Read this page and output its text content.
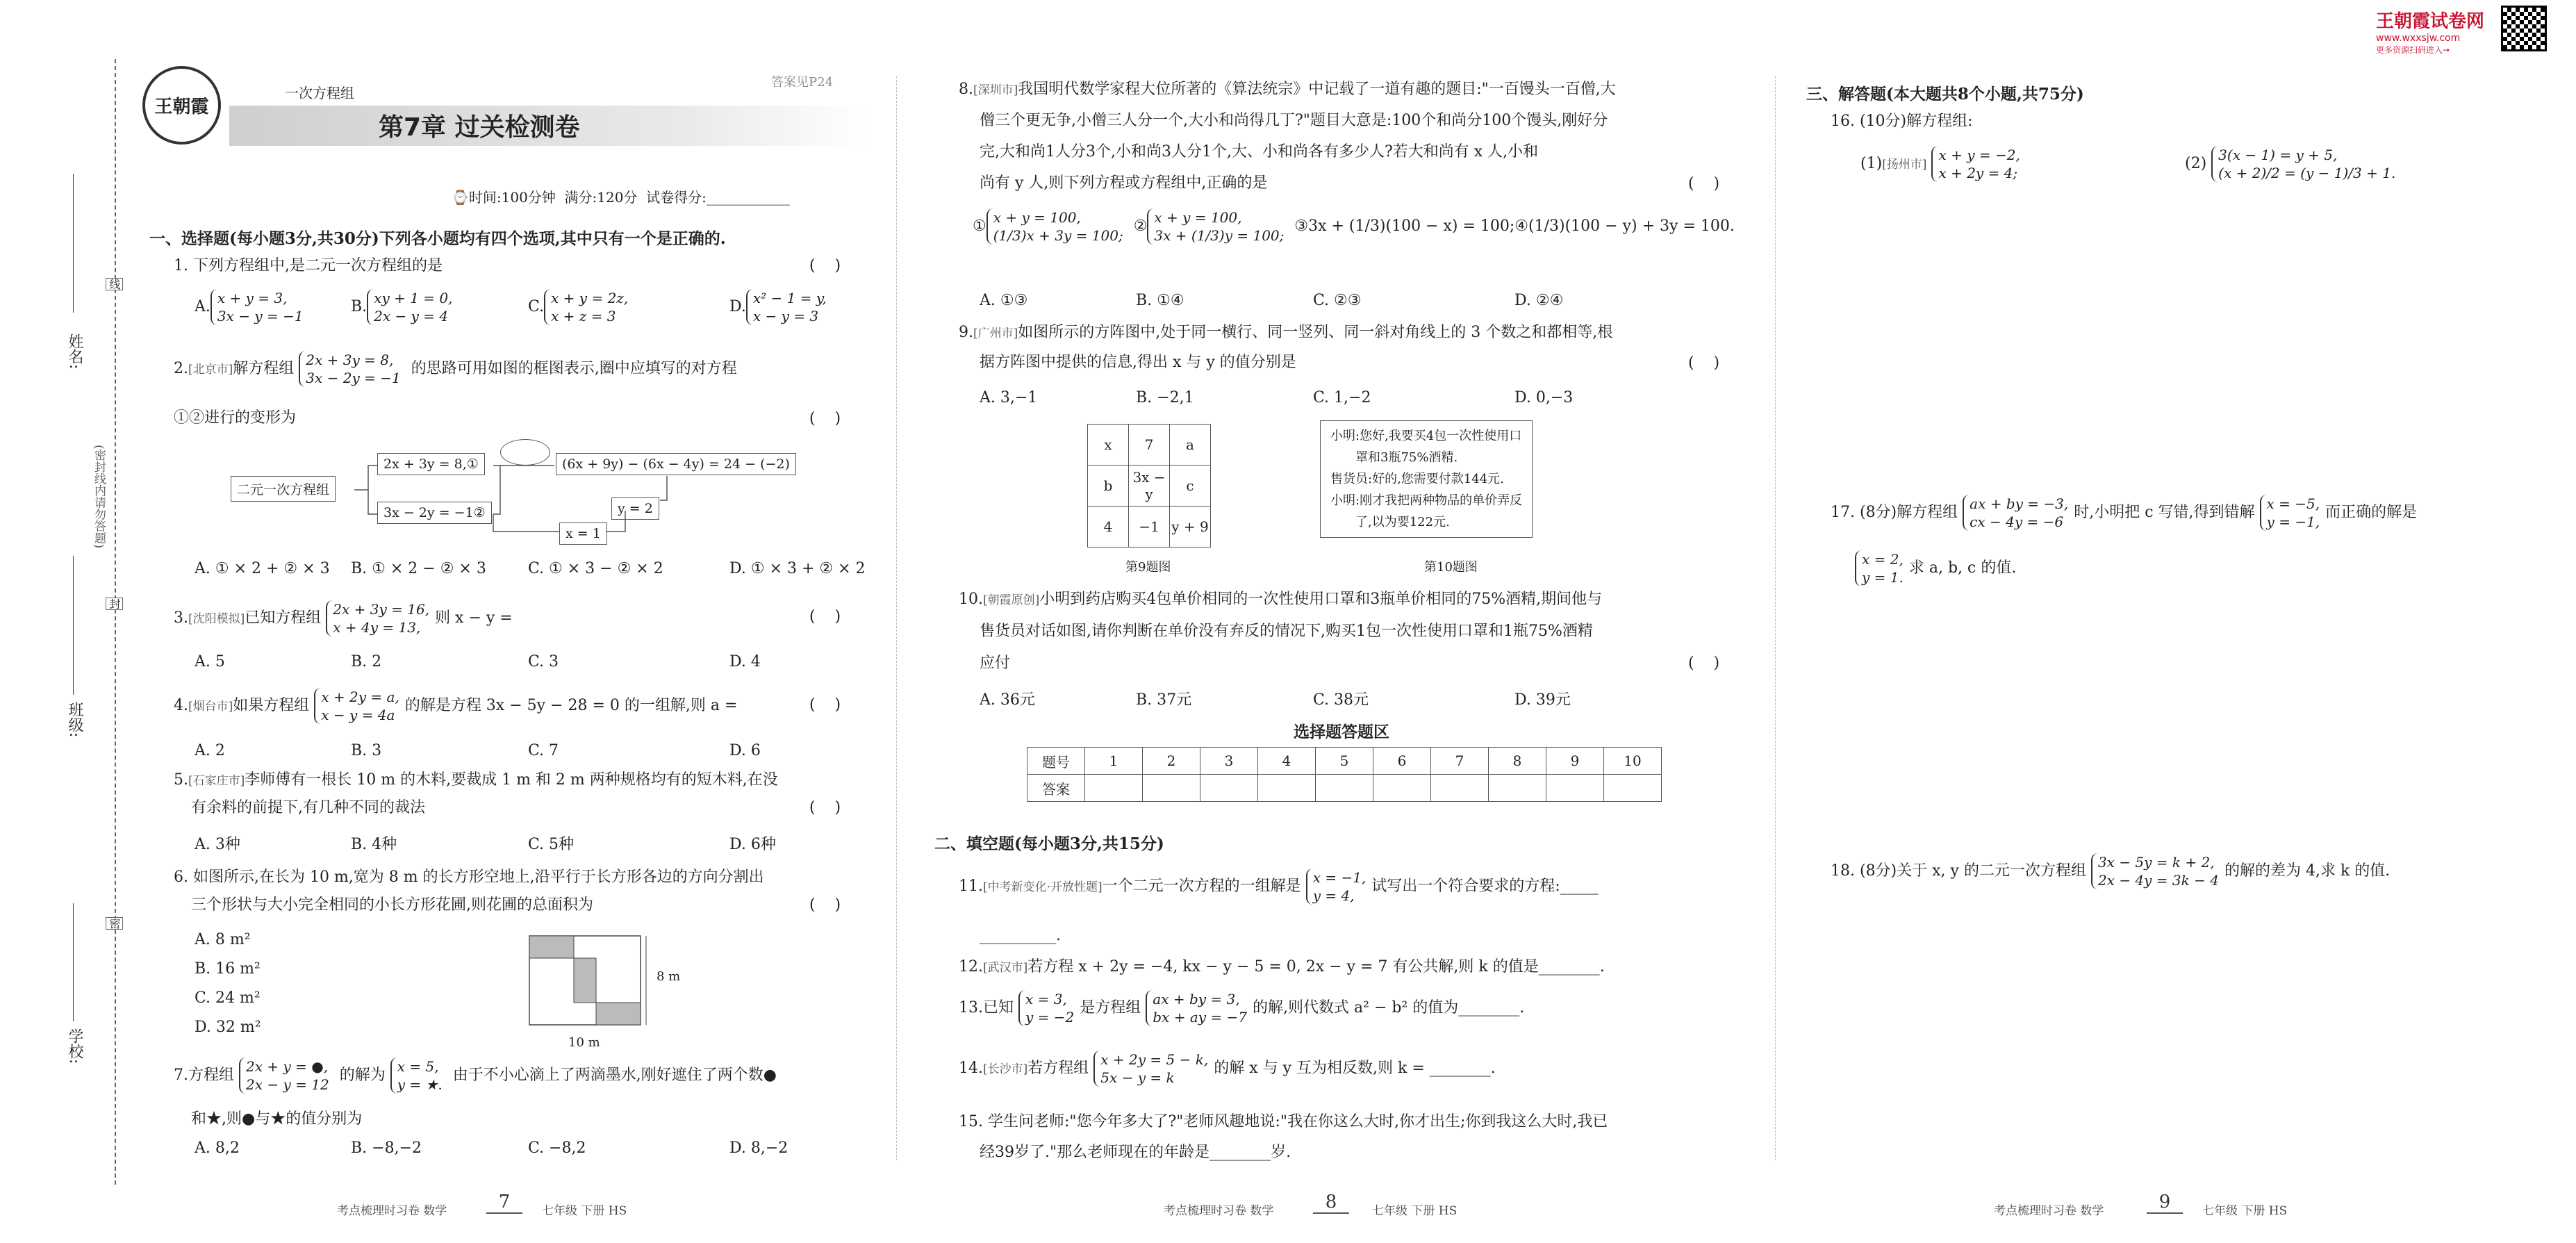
王朝霞试卷网
www.wxxsjw.com
更多资源扫码进入→
姓名:
班级:
学校:
(密封线内请勿答题)
线
封
密
王朝霞
一次方程组
答案见P24
第7章 过关检测卷
⌚时间:100分钟  满分:120分  试卷得分:____________
一、选择题(每小题3分,共30分)下列各小题均有四个选项,其中只有一个是正确的.
1. 下列方程组中,是二元一次方程组的是	(    )
A. x + y = 3,
3x − y = −1
B. xy + 1 = 0,
2x − y = 4
C. x + y = 2z,
x + z = 3
D. x² − 1 = y,
x − y = 3
2.[北京市]解方程组 2x + 3y = 8,
3x − 2y = −1
的思路可用如图的框图表示,圈中应填写的对方程
①②进行的变形为	(    )
二元一次方程组
2x + 3y = 8,①
3x − 2y = −1②
(6x + 9y) − (6x − 4y) = 24 − (−2)
y = 2
x = 1
A. ① × 2 + ② × 3 B. ① × 2 − ② × 3	C. ① × 3 − ② × 2	D. ① × 3 + ② × 2
3.[沈阳模拟]已知方程组 2x + 3y = 16,
x + 4y = 13,
则 x − y =	(    )
A. 5	B. 2	C. 3	D. 4
4.[烟台市]如果方程组 x + 2y = a,
x − y = 4a
的解是方程 3x − 5y − 28 = 0 的一组解,则 a =	(    )
A. 2	B. 3	C. 7	D. 6
5.[石家庄市]李师傅有一根长 10 m 的木料,要裁成 1 m 和 2 m 两种规格均有的短木料,在没
有余料的前提下,有几种不同的裁法	(    )
A. 3种	B. 4种	C. 5种	D. 6种
6. 如图所示,在长为 10 m,宽为 8 m 的长方形空地上,沿平行于长方形各边的方向分割出
三个形状与大小完全相同的小长方形花圃,则花圃的总面积为	(    )
A. 8 m²
B. 16 m²
C. 24 m²
D. 32 m²
8 m
10 m
7.方程组 2x + y = ●,
2x − y = 12
的解为 x = 5,
y = ★.
由于不小心滴上了两滴墨水,刚好遮住了两个数●
和★,则●与★的值分别为
A. 8,2	B. −8,−2	C. −8,2	D. 8,−2
8.[深圳市]我国明代数学家程大位所著的《算法统宗》中记载了一道有趣的题目:"一百馒头一百僧,大
僧三个更无争,小僧三人分一个,大小和尚得几丁?"题目大意是:100个和尚分100个馒头,刚好分
完,大和尚1人分3个,小和尚3人分1个,大、小和尚各有多少人?若大和尚有 x 人,小和
尚有 y 人,则下列方程或方程组中,正确的是	(    )
① x + y = 100,
(1/3)x + 3y = 100;
② x + y = 100,
3x + (1/3)y = 100;
③3x + (1/3)(100 − x) = 100;④(1/3)(100 − y) + 3y = 100.
A. ①③	B. ①④	C. ②③	D. ②④
9.[广州市]如图所示的方阵图中,处于同一横行、同一竖列、同一斜对角线上的 3 个数之和都相等,根
据方阵图中提供的信息,得出 x 与 y 的值分别是	(    )
A. 3,−1	B. −2,1	C. 1,−2	D. 0,−3
x	7	a
b	3x − y	c
4	−1	y + 9
第9题图
小明:您好,我要买4包一次性使用口
罩和3瓶75%酒精.
售货员:好的,您需要付款144元.
小明:刚才我把两种物品的单价弄反
了,以为要122元.
第10题图
10.[朝霞原创]小明到药店购买4包单价相同的一次性使用口罩和3瓶单价相同的75%酒精,期间他与
售货员对话如图,请你判断在单价没有弃反的情况下,购买1包一次性使用口罩和1瓶75%酒精
应付	(    )
A. 36元	B. 37元	C. 38元	D. 39元
选择题答题区
题号	1	2	3	4	5	6	7	8	9	10
答案										
二、填空题(每小题3分,共15分)
11.[中考新变化·开放性题]一个二元一次方程的一组解是 x = −1,
y = 4,
试写出一个符合要求的方程:_____
__________.
12.[武汉市]若方程 x + 2y = −4, kx − y − 5 = 0, 2x − y = 7 有公共解,则 k 的值是________.
13.已知 x = 3,
y = −2
是方程组 ax + by = 3,
bx + ay = −7
的解,则代数式 a² − b² 的值为________.
14.[长沙市]若方程组 x + 2y = 5 − k,
5x − y = k
的解 x 与 y 互为相反数,则 k = ________.
15. 学生问老师:"您今年多大了?"老师风趣地说:"我在你这么大时,你才出生;你到我这么大时,我已
经39岁了."那么老师现在的年龄是________岁.
三、解答题(本大题共8个小题,共75分)
16. (10分)解方程组:
(1)[扬州市]
x + y = −2,
x + 2y = 4;
(2) 3(x − 1) = y + 5,
(x + 2)/2 = (y − 1)/3 + 1.
17. (8分)解方程组 ax + by = −3,
cx − 4y = −6
时,小明把 c 写错,得到错解 x = −5,
y = −1,
而正确的解是
x = 2,
y = 1.
求 a, b, c 的值.
18. (8分)关于 x, y 的二元一次方程组 3x − 5y = k + 2,
2x − 4y = 3k − 4
的解的差为 4,求 k 的值.
考点梳理时习卷 数学	7	七年级 下册 HS	考点梳理时习卷 数学	8	七年级 下册 HS	考点梳理时习卷 数学	9	七年级 下册 HS
